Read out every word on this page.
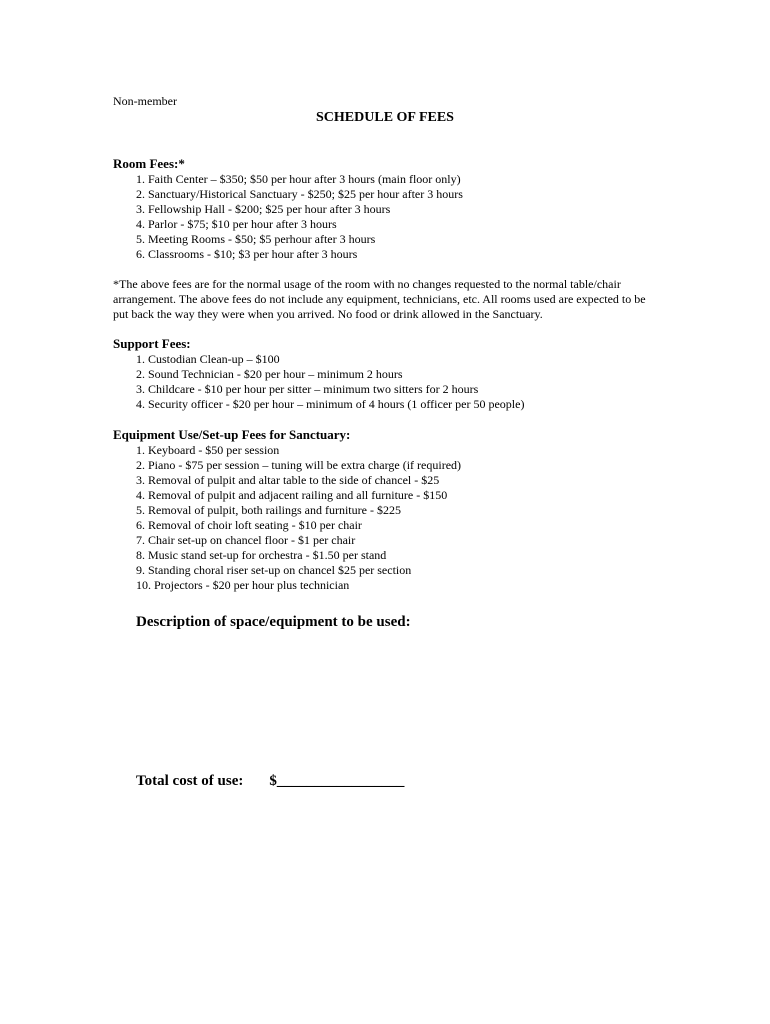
Non-member
SCHEDULE OF FEES
Room Fees:*
1. Faith Center – $350; $50 per hour after 3 hours (main floor only)
2. Sanctuary/Historical Sanctuary - $250; $25 per hour after 3 hours
3. Fellowship Hall - $200; $25 per hour after 3 hours
4. Parlor - $75; $10 per hour after 3 hours
5. Meeting Rooms - $50; $5 perhour after 3 hours
6. Classrooms - $10; $3 per hour after 3 hours
*The above fees are for the normal usage of the room with no changes requested to the normal table/chair arrangement. The above fees do not include any equipment, technicians, etc. All rooms used are expected to be put back the way they were when you arrived. No food or drink allowed in the Sanctuary.
Support Fees:
1. Custodian Clean-up – $100
2. Sound Technician - $20 per hour – minimum 2 hours
3. Childcare - $10 per hour per sitter – minimum two sitters for 2 hours
4. Security officer - $20 per hour – minimum of 4 hours (1 officer per 50 people)
Equipment Use/Set-up Fees for Sanctuary:
1. Keyboard - $50 per session
2. Piano - $75 per session – tuning will be extra charge (if required)
3. Removal of pulpit and altar table to the side of chancel - $25
4. Removal of pulpit and adjacent railing and all furniture - $150
5. Removal of pulpit, both railings and furniture - $225
6. Removal of choir loft seating - $10 per chair
7. Chair set-up on chancel floor - $1 per chair
8. Music stand set-up for orchestra - $1.50 per stand
9. Standing choral riser set-up on chancel $25 per section
10. Projectors - $20 per hour plus technician
Description of space/equipment to be used:
Total cost of use: $_________________
